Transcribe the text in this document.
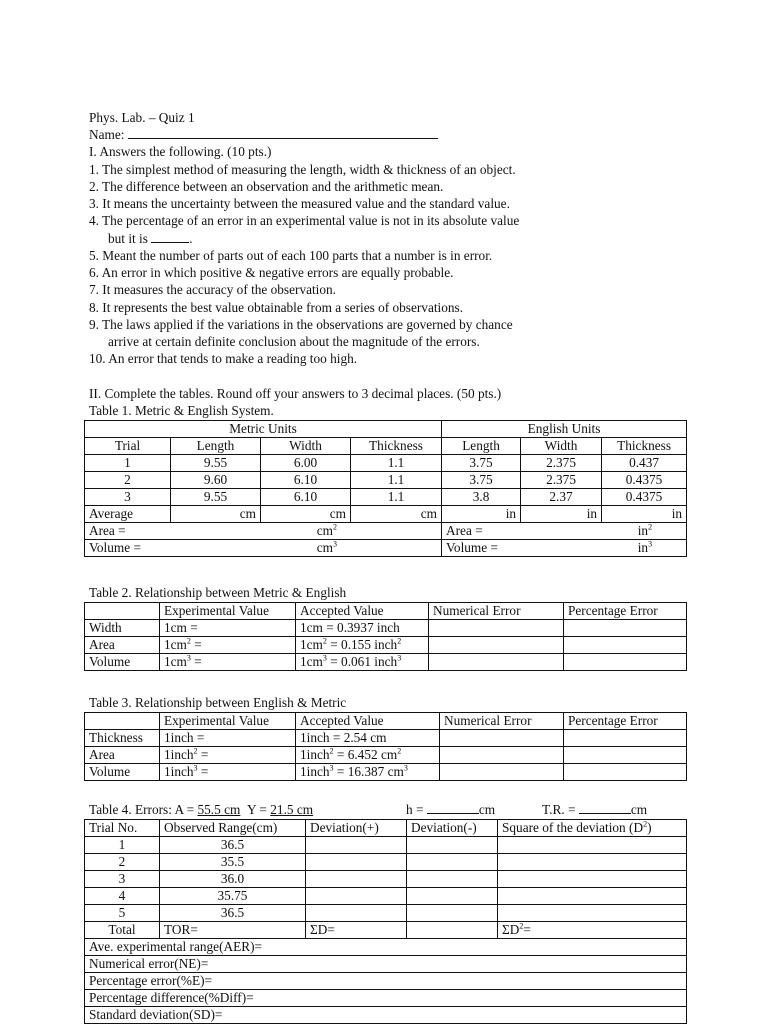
Phys. Lab. – Quiz 1
Name:
I. Answers the following. (10 pts.)
1. The simplest method of measuring the length, width & thickness of an object.
2. The difference between an observation and the arithmetic mean.
3. It means the uncertainty between the measured value and the standard value.
4. The percentage of an error in an experimental value is not in its absolute value
but it is	.
5. Meant the number of parts out of each 100 parts that a number is in error.
6. An error in which positive & negative errors are equally probable.
7. It measures the accuracy of the observation.
8. It represents the best value obtainable from a series of observations.
9. The laws applied if the variations in the observations are governed by chance
arrive at certain definite conclusion about the magnitude of the errors.
10. An error that tends to make a reading too high.
II. Complete the tables. Round off your answers to 3 decimal places. (50 pts.)
Table 1. Metric & English System.
Metric Units				English Units		
Trial	Length	Width	Thickness	Length	Width	Thickness
1	9.55	6.00	1.1	3.75	2.375	0.437
2	9.60	6.10	1.1	3.75	2.375	0.4375
3	9.55	6.10	1.1	3.8	2.37	0.4375
Average	cm	cm	cm	in	in	in
Area = $cm^2$				Area = $in^2$

Volume = $cm^3$				Volume = $in^3$
Table 2. Relationship between Metric & English
	Experimental Value	Accepted Value	Numerical Error	Percentage Error
Width	1cm =	1cm = 0.3937 inch		
Area	$1cm^2$ =	$1cm^2 = 0.155$ inch$^2$		
Volume	$1cm^3$ =	$1cm^3 = 0.061$ inch$^3$		
Table 3. Relationship between English & Metric
	Experimental Value	Accepted Value	Numerical Error	Percentage Error
Thickness	1inch =	1inch = 2.54 cm		
Area	1inch$^2$ =	1inch$^2$ = 6.452 $cm^2$		
Volume	1inch$^3$ =	1inch$^3$ = 16.387 $cm^3$		
Table 4. Errors: A = 55.5 cm Y = 21.5 cm	h =	cm	T.R. =	cm
Trial No.	Observed Range(cm)	Deviation(+)	Deviation(-)	Square of the deviation $(D^2)$
1	36.5			
2	35.5			
3	36.0			
4	35.75			
5	36.5			
Total	TOR=	ΣD=		$\Sigma D^2=$
Ave. experimental range(AER)=				
Numerical error(NE)=				
Percentage error(%E)=				
Percentage difference(%Diff)=				
Standard deviation(SD)=				
